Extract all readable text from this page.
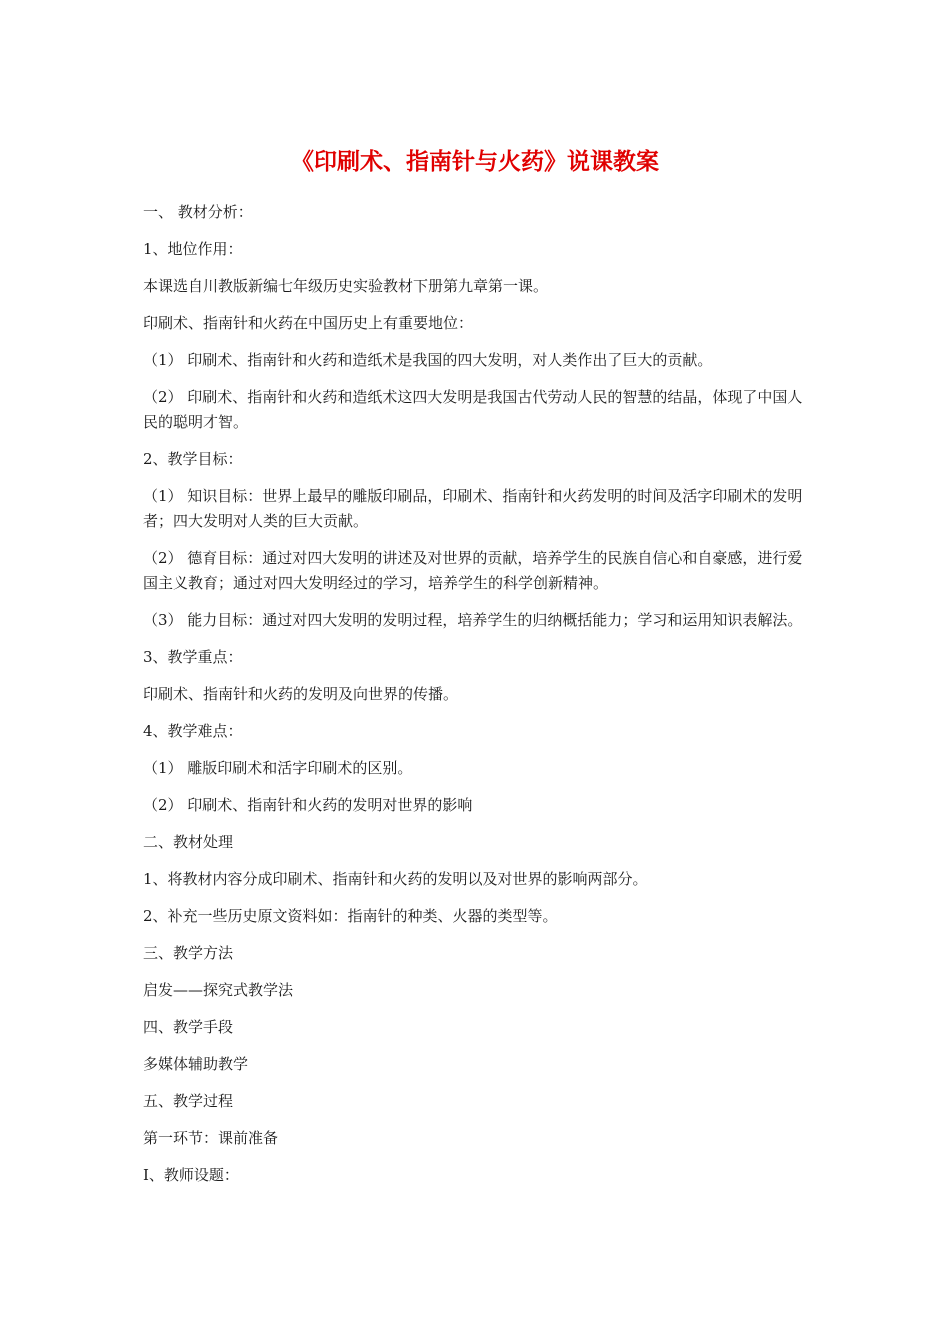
《印刷术、指南针与火药》说课教案

一、 教材分析：

1、地位作用：

本课选自川教版新编七年级历史实验教材下册第九章第一课。

印刷术、指南针和火药在中国历史上有重要地位：

（1） 印刷术、指南针和火药和造纸术是我国的四大发明，对人类作出了巨大的贡献。

（2） 印刷术、指南针和火药和造纸术这四大发明是我国古代劳动人民的智慧的结晶，体现了中国人民的聪明才智。

2、教学目标：

（1） 知识目标：世界上最早的雕版印刷品，印刷术、指南针和火药发明的时间及活字印刷术的发明者；四大发明对人类的巨大贡献。

（2） 德育目标：通过对四大发明的讲述及对世界的贡献，培养学生的民族自信心和自豪感，进行爱国主义教育；通过对四大发明经过的学习，培养学生的科学创新精神。

（3） 能力目标：通过对四大发明的发明过程，培养学生的归纳概括能力；学习和运用知识表解法。

3、教学重点：

印刷术、指南针和火药的发明及向世界的传播。

4、教学难点：

（1） 雕版印刷术和活字印刷术的区别。

（2） 印刷术、指南针和火药的发明对世界的影响

二、教材处理

1、将教材内容分成印刷术、指南针和火药的发明以及对世界的影响两部分。

2、补充一些历史原文资料如：指南针的种类、火器的类型等。

三、教学方法

启发——探究式教学法

四、教学手段

多媒体辅助教学

五、教学过程

第一环节：课前准备

Ⅰ、教师设题：
